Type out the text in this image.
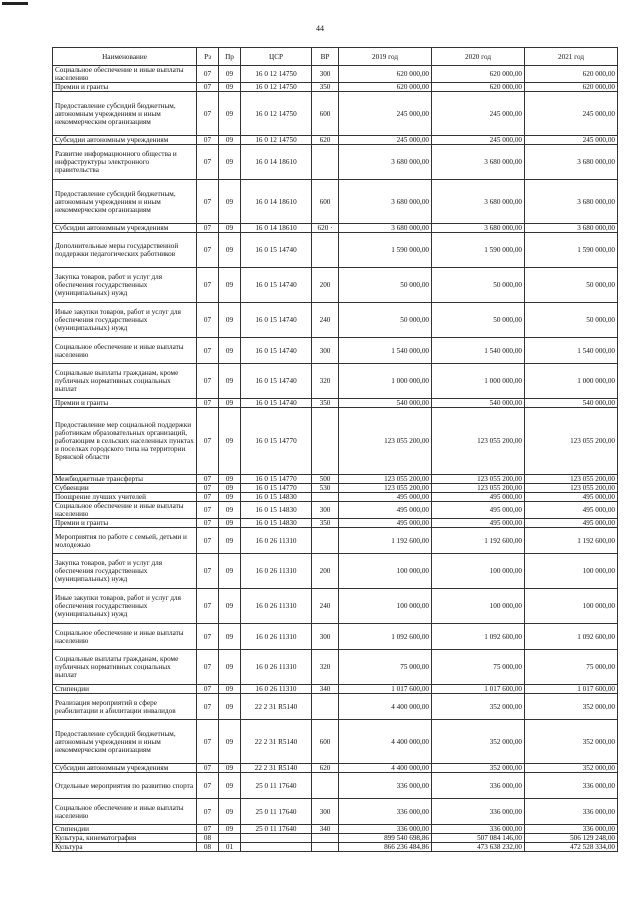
44
Наименование	Рз	Пр	ЦСР	ВР	2019 год	2020 год	2021 год
Социальное обеспечение и иные выплаты населению	07	09	16 0 12 14750	300	620 000,00	620 000,00	620 000,00
Премии и гранты	07	09	16 0 12 14750	350	620 000,00	620 000,00	620 000,00
Предоставление субсидий бюджетным, автономным учреждениям и иным некоммерческим организациям	07	09	16 0 12 14750	600	245 000,00	245 000,00	245 000,00
Субсидии автономным учреждениям	07	09	16 0 12 14750	620	245 000,00	245 000,00	245 000,00
Развитие информационного общества и инфраструктуры электронного правительства	07	09	16 0 14 18610		3 680 000,00	3 680 000,00	3 680 000,00
Предоставление субсидий бюджетным, автономным учреждениям и иным некоммерческим организациям	07	09	16 0 14 18610	600	3 680 000,00	3 680 000,00	3 680 000,00
Субсидии автономным учреждениям	07	09	16 0 14 18610	620 ·	3 680 000,00	3 680 000,00	3 680 000,00
Дополнительные меры государственной поддержки педагогических работников	07	09	16 0 15 14740		1 590 000,00	1 590 000,00	1 590 000,00
Закупка товаров, работ и услуг для обеспечения государственных (муниципальных) нужд	07	09	16 0 15 14740	200	50 000,00	50 000,00	50 000,00
Иные закупки товаров, работ и услуг для обеспечения государственных (муниципальных) нужд	07	09	16 0 15 14740	240	50 000,00	50 000,00	50 000,00
Социальное обеспечение и иные выплаты населению	07	09	16 0 15 14740	300	1 540 000,00	1 540 000,00	1 540 000,00
Социальные выплаты гражданам, кроме публичных нормативных социальных выплат	07	09	16 0 15 14740	320	1 000 000,00	1 000 000,00	1 000 000,00
Премии и гранты	07	09	16 0 15 14740	350	540 000,00	540 000,00	540 000,00
Предоставление мер социальной поддержки работникам образовательных организаций, работающим в сельских населенных пунктах и поселках городского типа на территории Брянской области	07	09	16 0 15 14770		123 055 200,00	123 055 200,00	123 055 200,00
Межбюджетные трансферты	07	09	16 0 15 14770	500	123 055 200,00	123 055 200,00	123 055 200,00
Субвенции	07	09	16 0 15 14770	530	123 055 200,00	123 055 200,00	123 055 200,00
Поощрение лучших учителей	07	09	16 0 15 14830		495 000,00	495 000,00	495 000,00
Социальное обеспечение и иные выплаты населению	07	09	16 0 15 14830	300	495 000,00	495 000,00	495 000,00
Премии и гранты	07	09	16 0 15 14830	350	495 000,00	495 000,00	495 000,00
Мероприятия по работе с семьей, детьми и молодежью	07	09	16 0 26 11310		1 192 600,00	1 192 600,00	1 192 600,00
Закупка товаров, работ и услуг для обеспечения государственных (муниципальных) нужд	07	09	16 0 26 11310	200	100 000,00	100 000,00	100 000,00
Иные закупки товаров, работ и услуг для обеспечения государственных (муниципальных) нужд	07	09	16 0 26 11310	240	100 000,00	100 000,00	100 000,00
Социальное обеспечение и иные выплаты населению	07	09	16 0 26 11310	300	1 092 600,00	1 092 600,00	1 092 600,00
Социальные выплаты гражданам, кроме публичных нормативных социальных выплат	07	09	16 0 26 11310	320	75 000,00	75 000,00	75 000,00
Стипендии	07	09	16 0 26 11310	340	1 017 600,00	1 017 600,00	1 017 600,00
Реализация мероприятий в сфере реабилитации и абилитации инвалидов	07	09	22 2 31 R5140		4 400 000,00	352 000,00	352 000,00
Предоставление субсидий бюджетным, автономным учреждениям и иным некоммерческим организациям	07	09	22 2 31 R5140	600	4 400 000,00	352 000,00	352 000,00
Субсидии автономным учреждениям	07	09	22 2 31 R5140	620	4 400 000,00	352 000,00	352 000,00
Отдельные мероприятия по развитию спорта	07	09	25 0 11 17640		336 000,00	336 000,00	336 000,00
Социальное обеспечение и иные выплаты населению	07	09	25 0 11 17640	300	336 000,00	336 000,00	336 000,00
Стипендии	07	09	25 0 11 17640	340	336 000,00	336 000,00	336 000,00
Культура, кинематография	08				899 540 698,86	507 084 146,00	506 129 248,00
Культура	08	01			866 236 484,86	473 638 232,00	472 528 334,00
